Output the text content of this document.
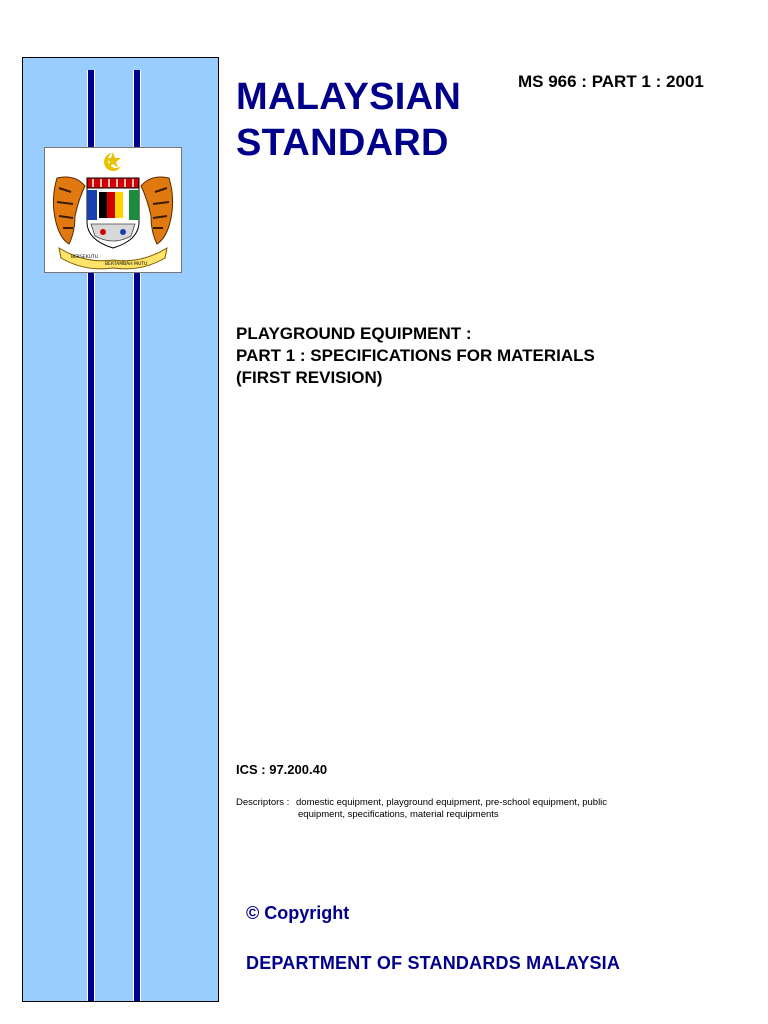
BERSEKUTU
BERTAMBAH MUTU
MALAYSIAN
STANDARD
MS 966 : PART 1 : 2001
PLAYGROUND EQUIPMENT :
PART 1 : SPECIFICATIONS FOR MATERIALS
(FIRST REVISION)
ICS : 97.200.40
Descriptors : domestic equipment, playground equipment, pre-school equipment, public
equipment, specifications, material requipments
© Copyright
DEPARTMENT OF STANDARDS MALAYSIA
